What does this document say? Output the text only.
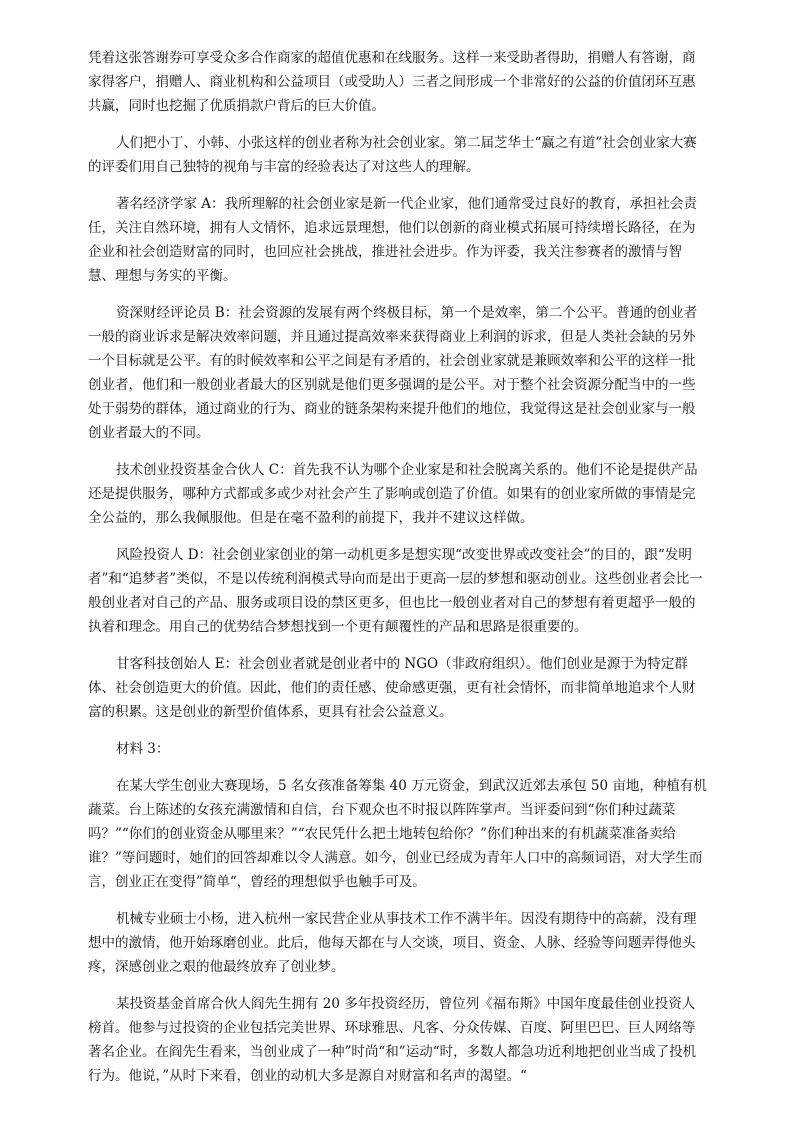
凭着这张答谢券可享受众多合作商家的超值优惠和在线服务。这样一来受助者得助，捐赠人有答谢，商家得客户，捐赠人、商业机构和公益项目（或受助人）三者之间形成一个非常好的公益的价值闭环互惠共赢，同时也挖掘了优质捐款户背后的巨大价值。

人们把小丁、小韩、小张这样的创业者称为社会创业家。第二届芝华士“赢之有道”社会创业家大赛的评委们用自己独特的视角与丰富的经验表达了对这些人的理解。

著名经济学家 A：我所理解的社会创业家是新一代企业家，他们通常受过良好的教育，承担社会责任，关注自然环境，拥有人文情怀，追求远景理想，他们以创新的商业模式拓展可持续增长路径，在为企业和社会创造财富的同时，也回应社会挑战，推进社会进步。作为评委，我关注参赛者的激情与智慧、理想与务实的平衡。

资深财经评论员 B：社会资源的发展有两个终极目标，第一个是效率，第二个公平。普通的创业者一般的商业诉求是解决效率问题，并且通过提高效率来获得商业上利润的诉求，但是人类社会缺的另外一个目标就是公平。有的时候效率和公平之间是有矛盾的，社会创业家就是兼顾效率和公平的这样一批创业者，他们和一般创业者最大的区别就是他们更多强调的是公平。对于整个社会资源分配当中的一些处于弱势的群体，通过商业的行为、商业的链条架构来提升他们的地位，我觉得这是社会创业家与一般创业者最大的不同。

技术创业投资基金合伙人 C：首先我不认为哪个企业家是和社会脱离关系的。他们不论是提供产品还是提供服务，哪种方式都或多或少对社会产生了影响或创造了价值。如果有的创业家所做的事情是完全公益的，那么我佩服他。但是在毫不盈利的前提下，我并不建议这样做。

风险投资人 D：社会创业家创业的第一动机更多是想实现“改变世界或改变社会”的目的，跟“发明者”和“追梦者”类似，不是以传统利润模式导向而是出于更高一层的梦想和驱动创业。这些创业者会比一般创业者对自己的产品、服务或项目设的禁区更多，但也比一般创业者对自己的梦想有着更超乎一般的执着和理念。用自己的优势结合梦想找到一个更有颠覆性的产品和思路是很重要的。

甘客科技创始人 E：社会创业者就是创业者中的 NGO（非政府组织）。他们创业是源于为特定群体、社会创造更大的价值。因此，他们的责任感、使命感更强，更有社会情怀，而非简单地追求个人财富的积累。这是创业的新型价值体系，更具有社会公益意义。

材料 3：

在某大学生创业大赛现场，5 名女孩准备筹集 40 万元资金，到武汉近郊去承包 50 亩地，种植有机蔬菜。台上陈述的女孩充满激情和自信，台下观众也不时报以阵阵掌声。当评委问到“你们种过蔬菜吗？”“你们的创业资金从哪里来？”“农民凭什么把土地转包给你？”你们种出来的有机蔬菜准备卖给谁？”等问题时，她们的回答却难以令人满意。如今，创业已经成为青年人口中的高频词语，对大学生而言，创业正在变得”简单“，曾经的理想似乎也触手可及。

机械专业硕士小杨，进入杭州一家民营企业从事技术工作不满半年。因没有期待中的高薪，没有理想中的激情，他开始琢磨创业。此后，他每天都在与人交谈，项目、资金、人脉、经验等问题弄得他头疼，深感创业之艰的他最终放弃了创业梦。

某投资基金首席合伙人阎先生拥有 20 多年投资经历，曾位列《福布斯》中国年度最佳创业投资人榜首。他参与过投资的企业包括完美世界、环球雅思、凡客、分众传媒、百度、阿里巴巴、巨人网络等著名企业。在阎先生看来，当创业成了一种”时尚“和”运动“时，多数人都急功近利地把创业当成了投机行为。他说，”从时下来看，创业的动机大多是源自对财富和名声的渴望。“
